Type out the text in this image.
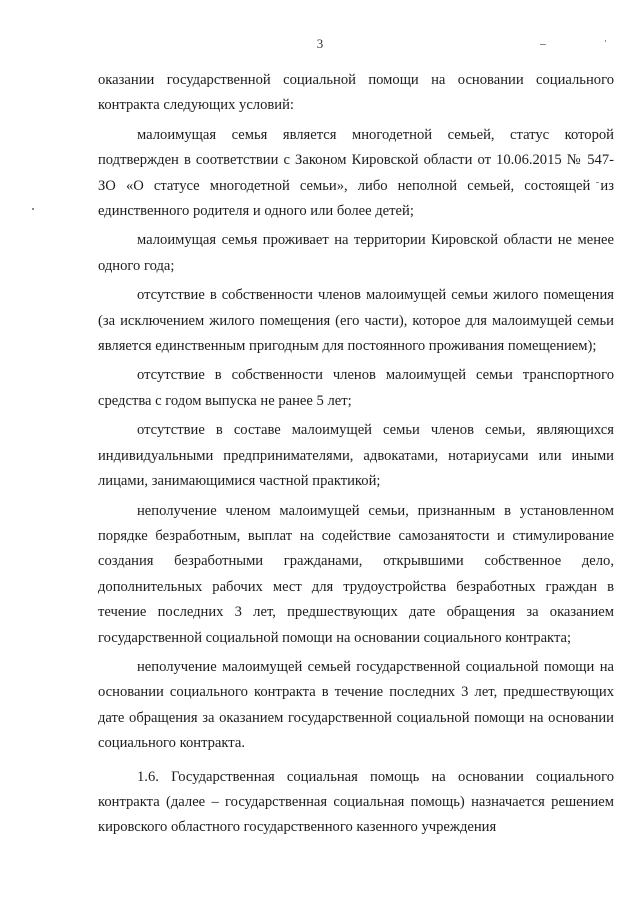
3

оказании государственной социальной помощи на основании социального контракта следующих условий:

малоимущая семья является многодетной семьей, статус которой подтвержден в соответствии с Законом Кировской области от 10.06.2015 № 547-ЗО «О статусе многодетной семьи», либо неполной семьей, состоящей из единственного родителя и одного или более детей;

малоимущая семья проживает на территории Кировской области не менее одного года;

отсутствие в собственности членов малоимущей семьи жилого помещения (за исключением жилого помещения (его части), которое для малоимущей семьи является единственным пригодным для постоянного проживания помещением);

отсутствие в собственности членов малоимущей семьи транспортного средства с годом выпуска не ранее 5 лет;

отсутствие в составе малоимущей семьи членов семьи, являющихся индивидуальными предпринимателями, адвокатами, нотариусами или иными лицами, занимающимися частной практикой;

неполучение членом малоимущей семьи, признанным в установленном порядке безработным, выплат на содействие самозанятости и стимулирование создания безработными гражданами, открывшими собственное дело, дополнительных рабочих мест для трудоустройства безработных граждан в течение последних 3 лет, предшествующих дате обращения за оказанием государственной социальной помощи на основании социального контракта;

неполучение малоимущей семьей государственной социальной помощи на основании социального контракта в течение последних 3 лет, предшествующих дате обращения за оказанием государственной социальной помощи на основании социального контракта.

1.6. Государственная социальная помощь на основании социального контракта (далее – государственная социальная помощь) назначается решением кировского областного государственного казенного учреждения
